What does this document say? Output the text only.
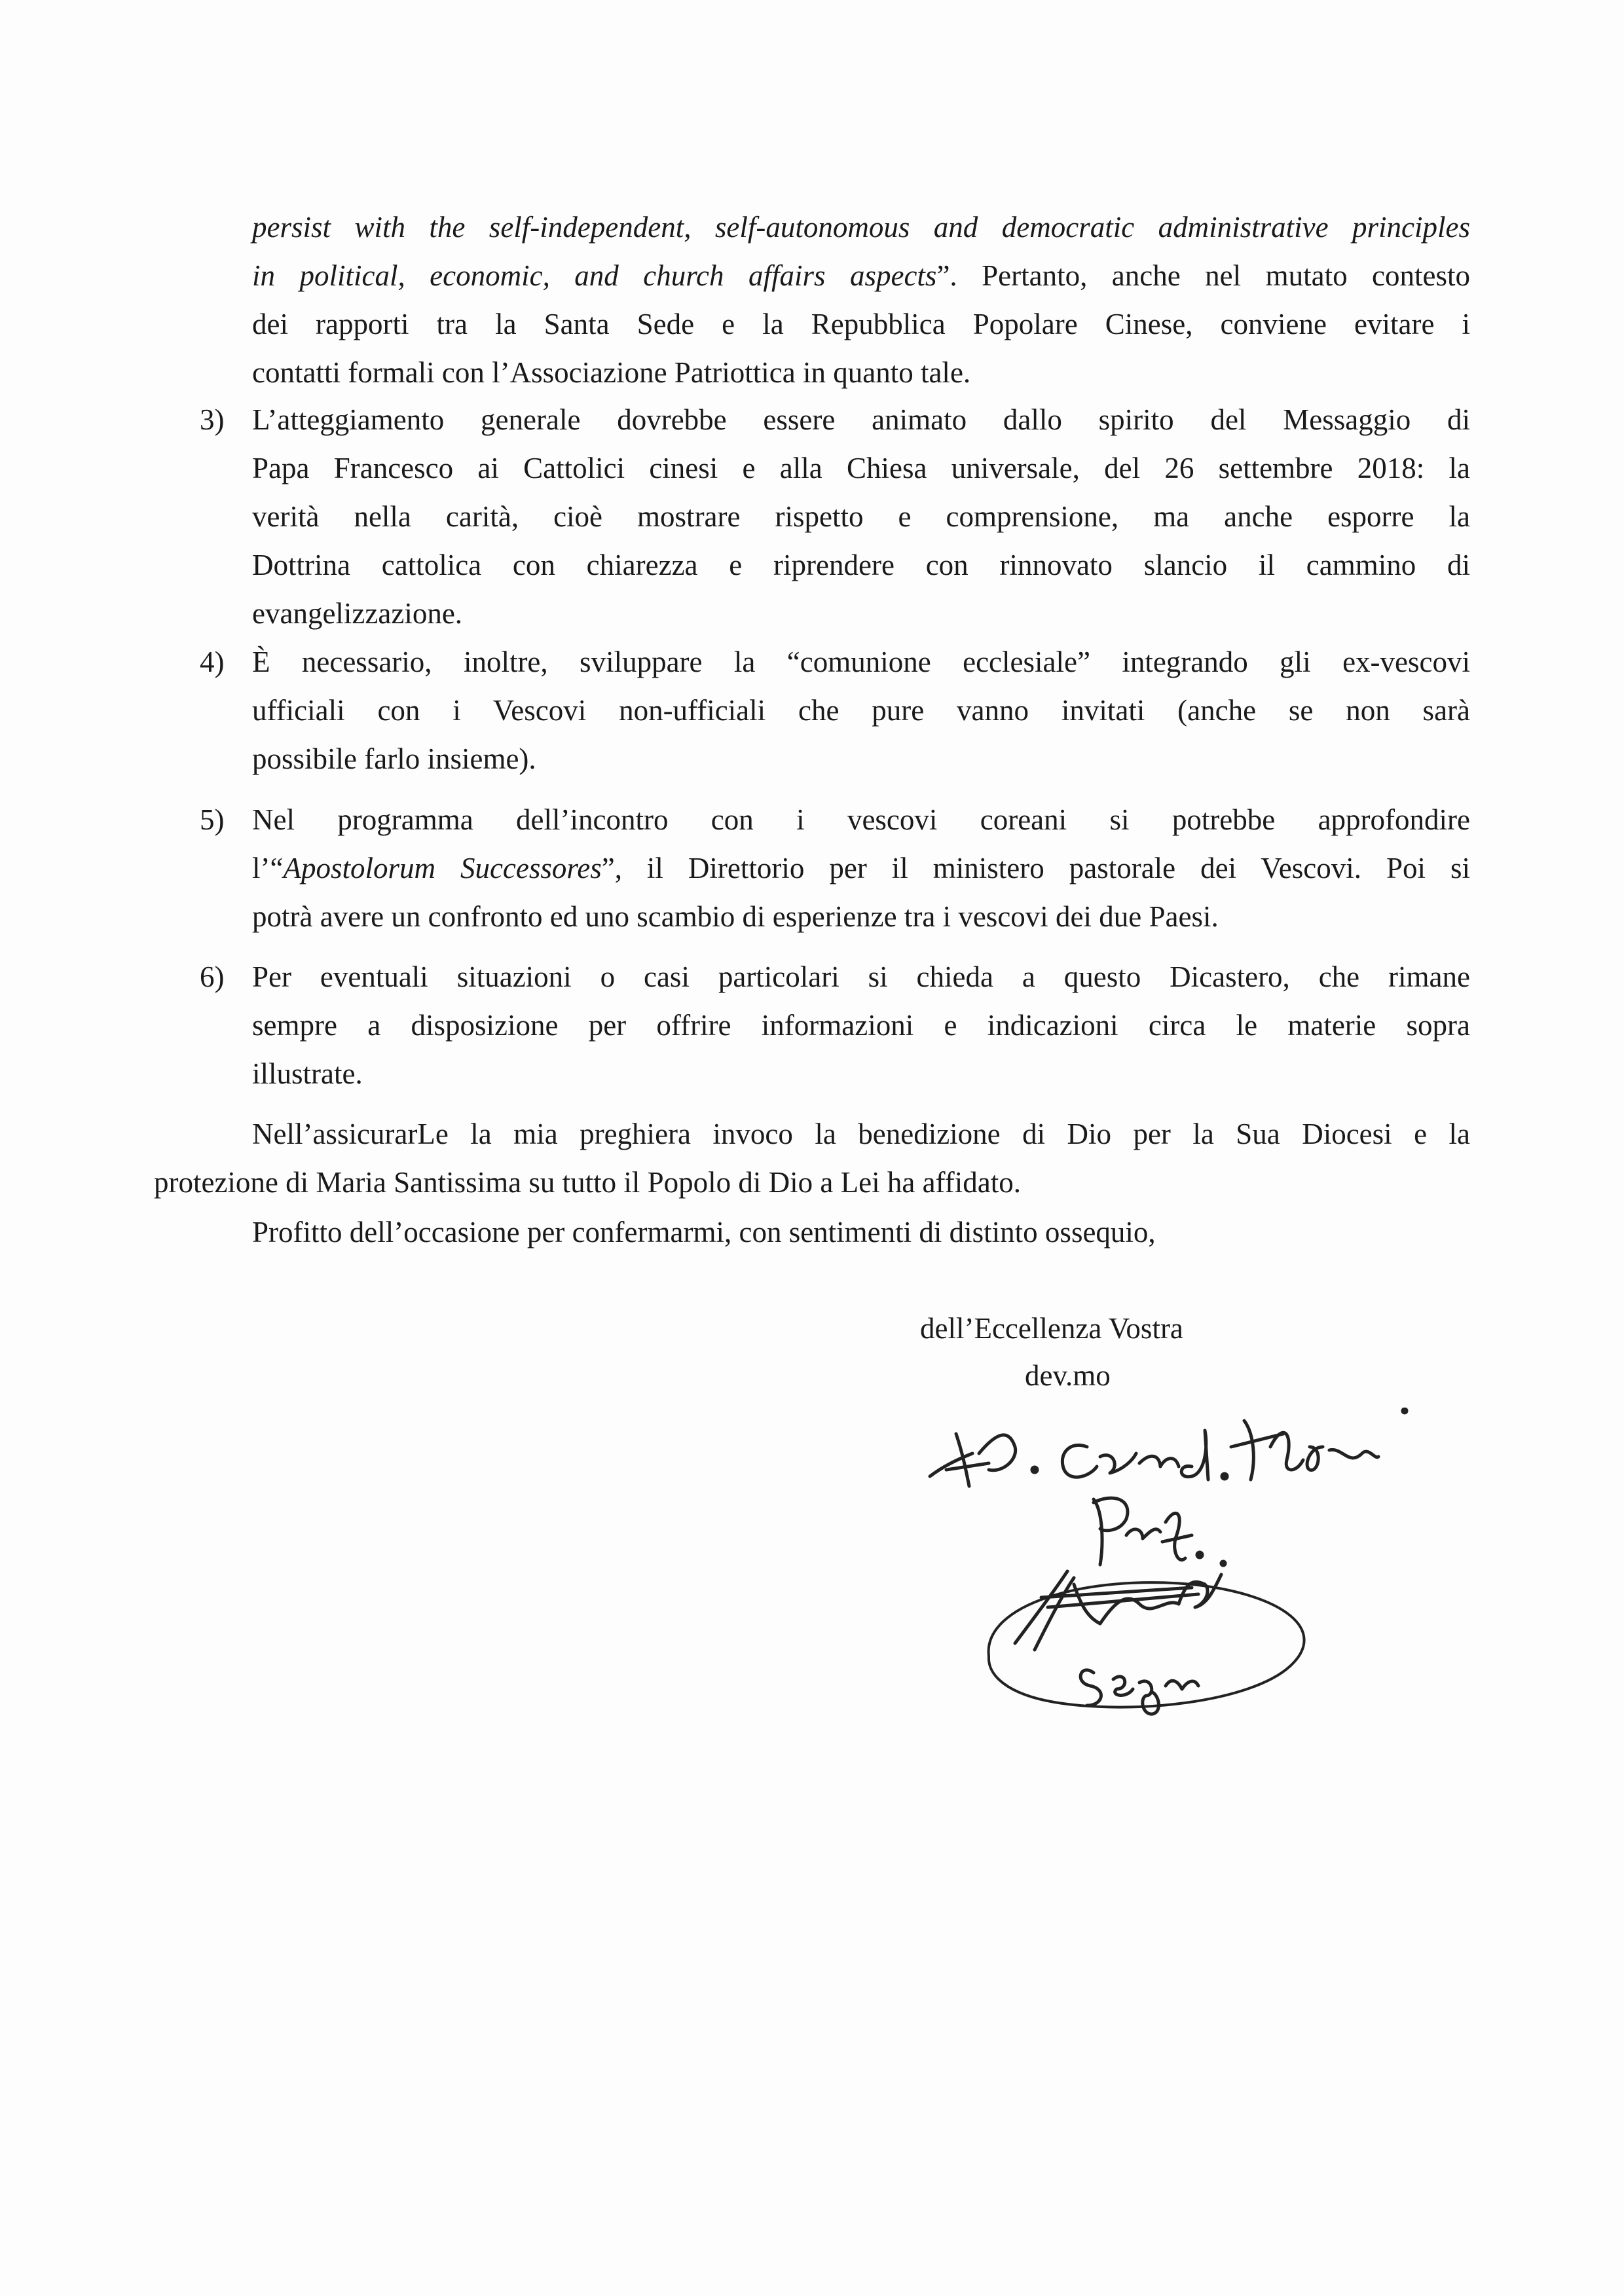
persist with the self-independent, self-autonomous and democratic administrative principles
in political, economic, and church affairs aspects”. Pertanto, anche nel mutato contesto
dei rapporti tra la Santa Sede e la Repubblica Popolare Cinese, conviene evitare i
contatti formali con l’Associazione Patriottica in quanto tale.
3) L’atteggiamento generale dovrebbe essere animato dallo spirito del Messaggio di
Papa Francesco ai Cattolici cinesi e alla Chiesa universale, del 26 settembre 2018: la
verità nella carità, cioè mostrare rispetto e comprensione, ma anche esporre la
Dottrina cattolica con chiarezza e riprendere con rinnovato slancio il cammino di
evangelizzazione.
4) È necessario, inoltre, sviluppare la “comunione ecclesiale” integrando gli ex-vescovi
ufficiali con i Vescovi non-ufficiali che pure vanno invitati (anche se non sarà
possibile farlo insieme).
5) Nel programma dell’incontro con i vescovi coreani si potrebbe approfondire
l’“Apostolorum Successores”, il Direttorio per il ministero pastorale dei Vescovi. Poi si
potrà avere un confronto ed uno scambio di esperienze tra i vescovi dei due Paesi.
6) Per eventuali situazioni o casi particolari si chieda a questo Dicastero, che rimane
sempre a disposizione per offrire informazioni e indicazioni circa le materie sopra
illustrate.
Nell’assicurarLe la mia preghiera invoco la benedizione di Dio per la Sua Diocesi e la
protezione di Maria Santissima su tutto il Popolo di Dio a Lei ha affidato.
Profitto dell’occasione per confermarmi, con sentimenti di distinto ossequio,
dell’Eccellenza Vostra
dev.mo
